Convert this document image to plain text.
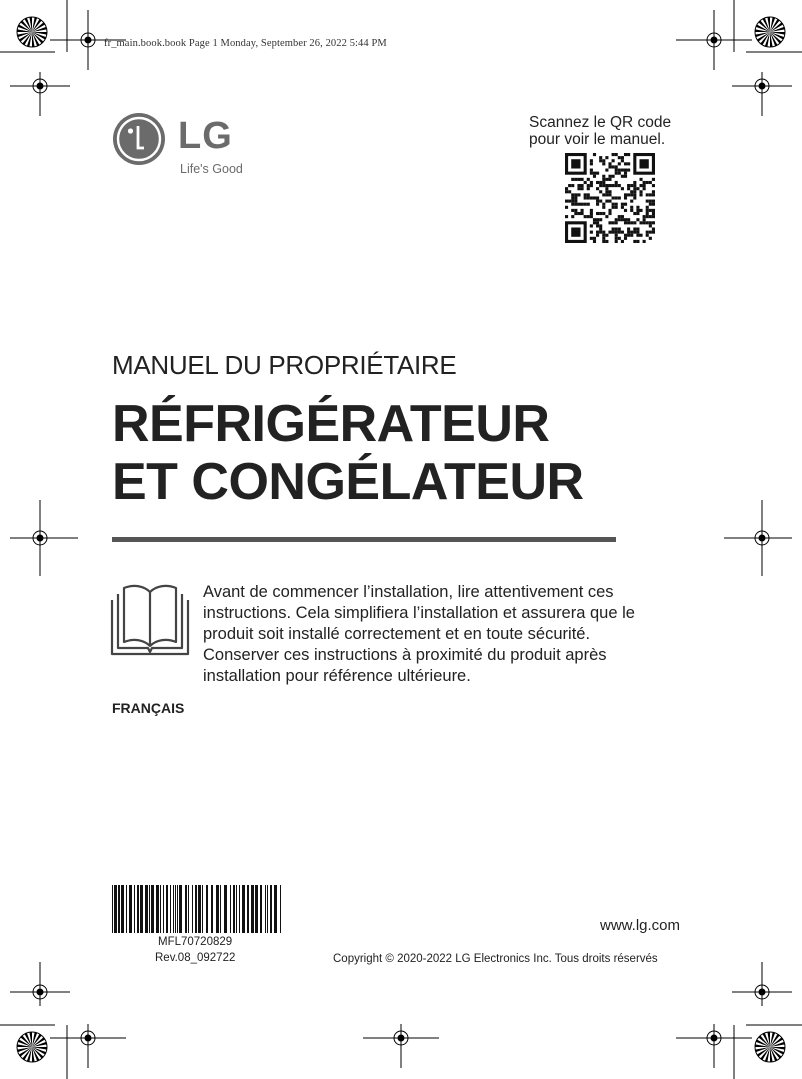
fr_main.book.book Page 1 Monday, September 26, 2022 5:44 PM
LG
Life's Good
Scannez le QR code
pour voir le manuel.
MANUEL DU PROPRIÉTAIRE
RÉFRIGÉRATEUR
ET CONGÉLATEUR
Avant de commencer l’installation, lire attentivement ces
instructions. Cela simplifiera l’installation et assurera que le
produit soit installé correctement et en toute sécurité.
Conserver ces instructions à proximité du produit après
installation pour référence ultérieure.
FRANÇAIS
MFL70720829
Rev.08_092722
www.lg.com
Copyright © 2020-2022 LG Electronics Inc. Tous droits réservés
